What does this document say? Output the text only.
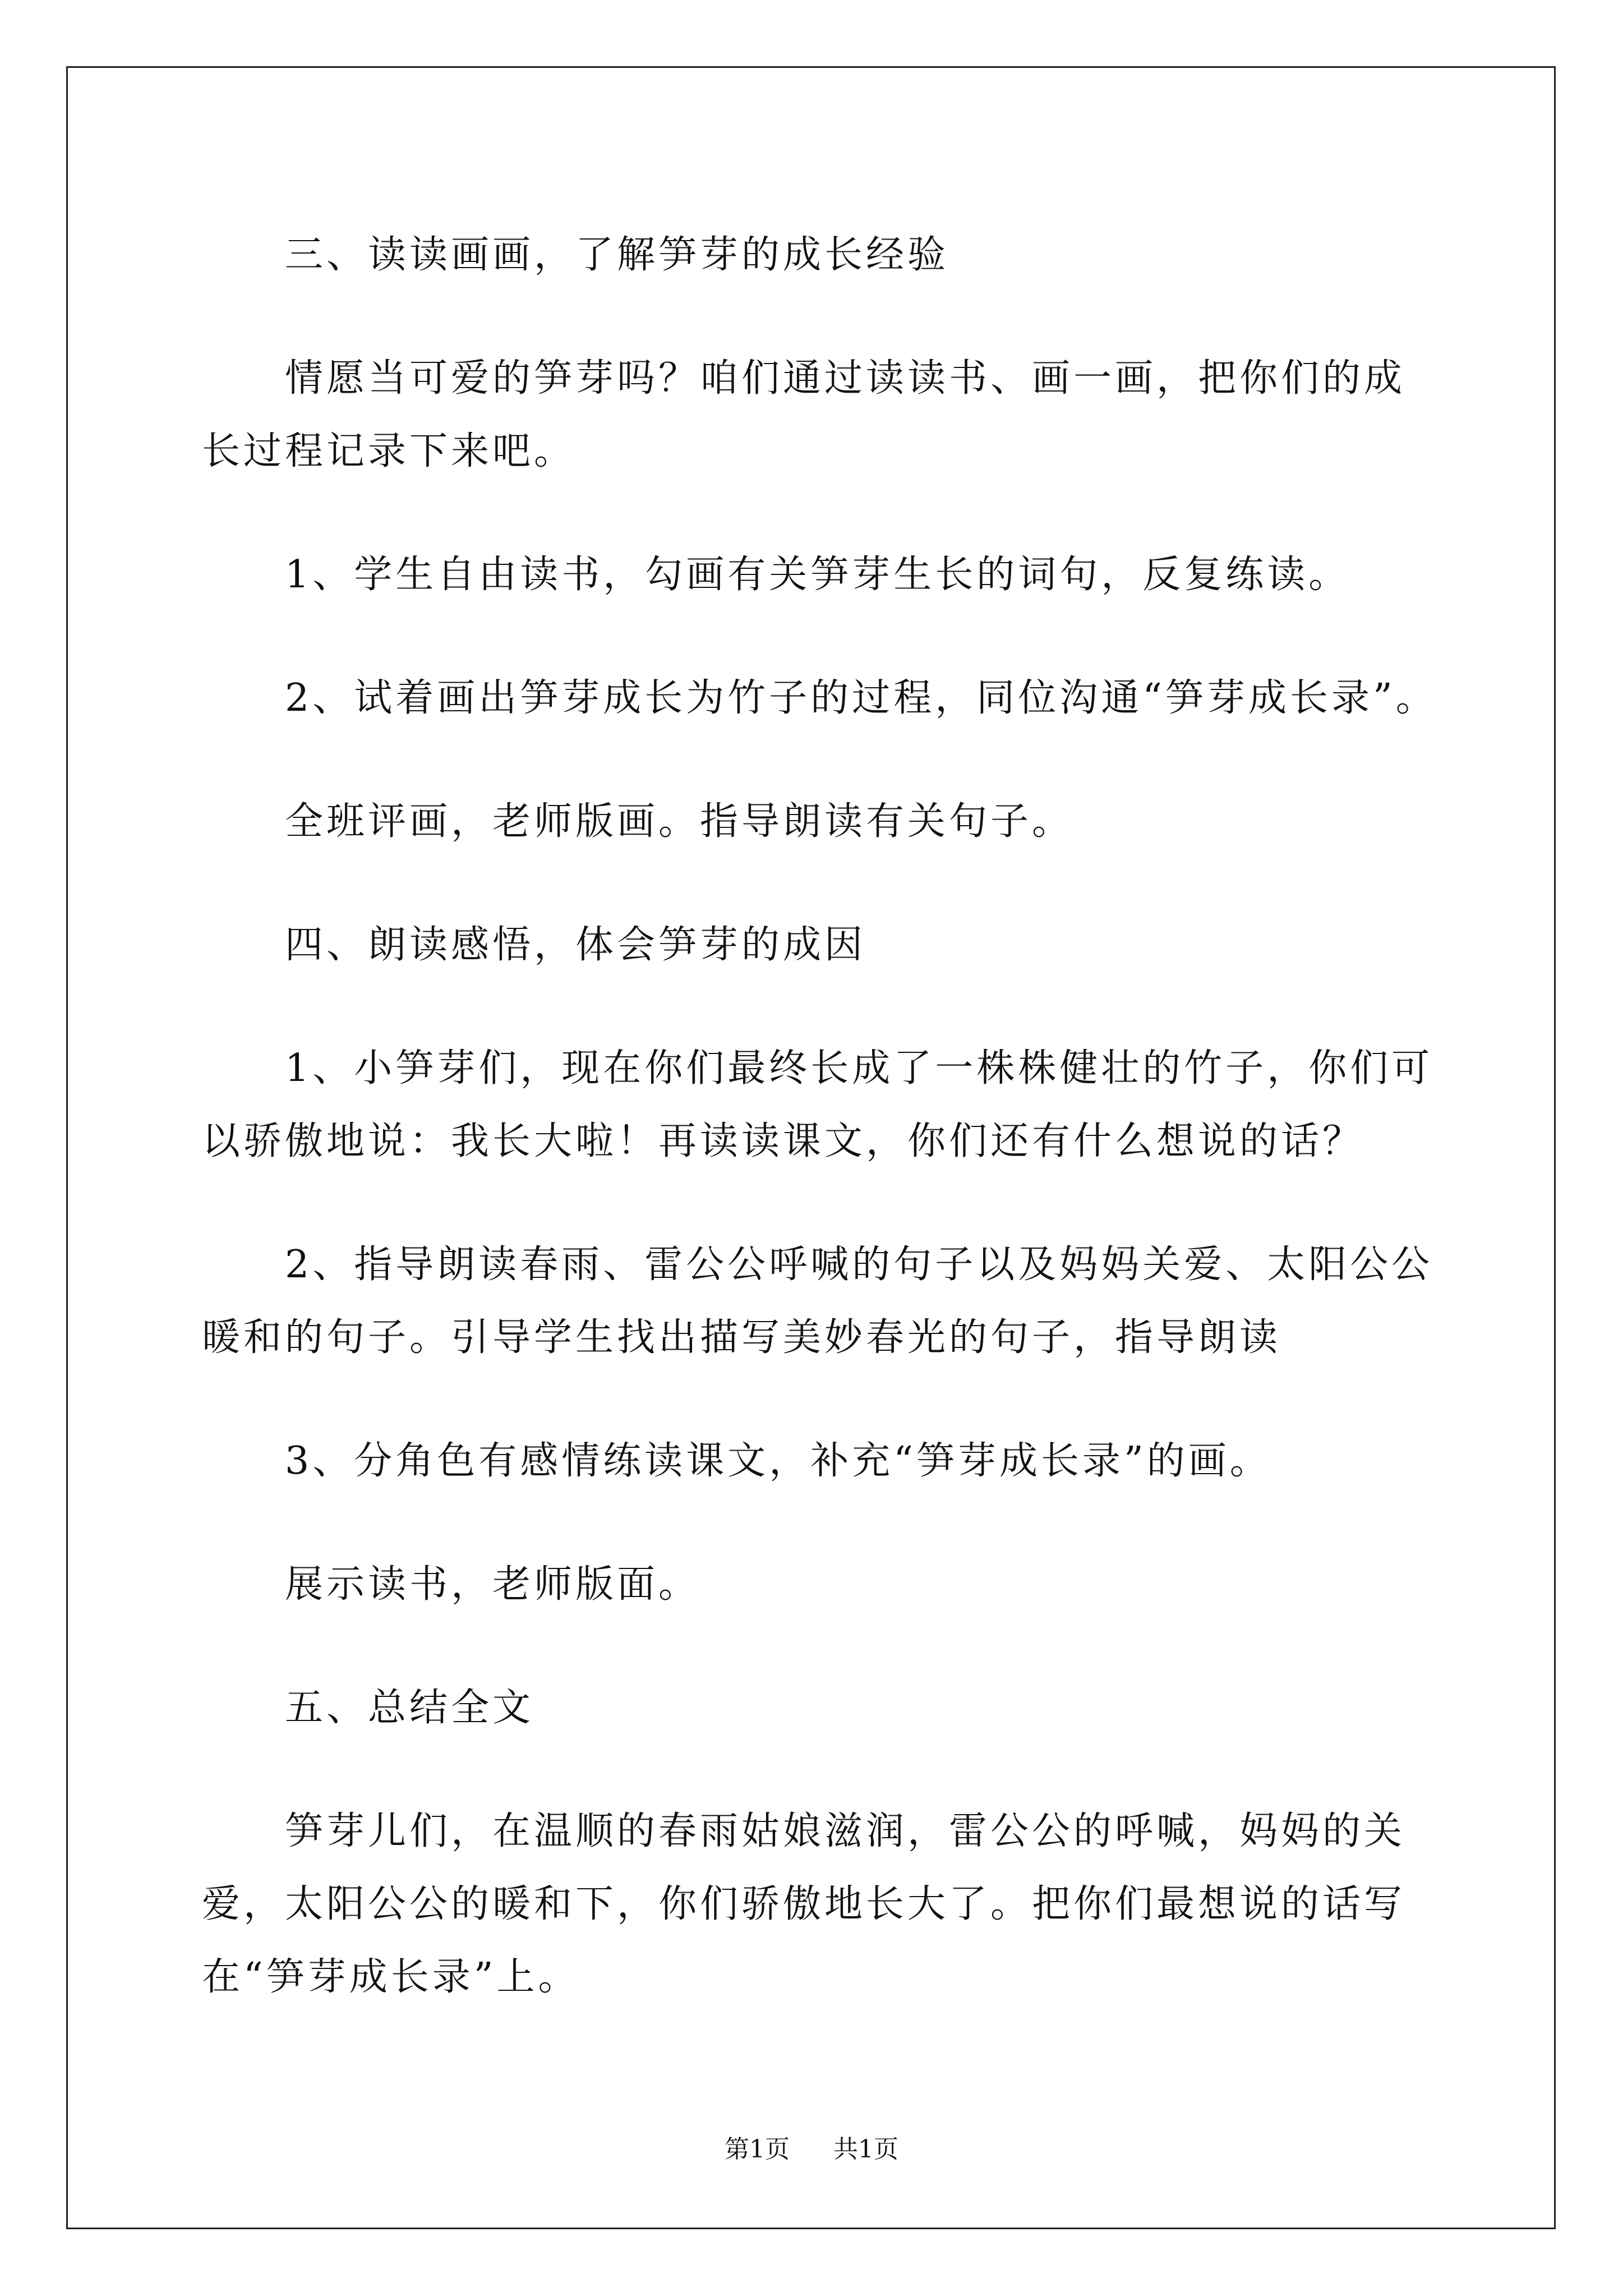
三、读读画画，了解笋芽的成长经验

情愿当可爱的笋芽吗？咱们通过读读书、画一画，把你们的成长过程记录下来吧。

1、学生自由读书，勾画有关笋芽生长的词句，反复练读。

2、试着画出笋芽成长为竹子的过程，同位沟通“笋芽成长录”。

全班评画，老师版画。指导朗读有关句子。

四、朗读感悟，体会笋芽的成因

1、小笋芽们，现在你们最终长成了一株株健壮的竹子，你们可以骄傲地说：我长大啦！再读读课文，你们还有什么想说的话？

2、指导朗读春雨、雷公公呼喊的句子以及妈妈关爱、太阳公公暖和的句子。引导学生找出描写美妙春光的句子，指导朗读

3、分角色有感情练读课文，补充“笋芽成长录”的画。

展示读书，老师版面。

五、总结全文

笋芽儿们，在温顺的春雨姑娘滋润，雷公公的呼喊，妈妈的关爱，太阳公公的暖和下，你们骄傲地长大了。把你们最想说的话写在“笋芽成长录”上。

第1页 共1页
